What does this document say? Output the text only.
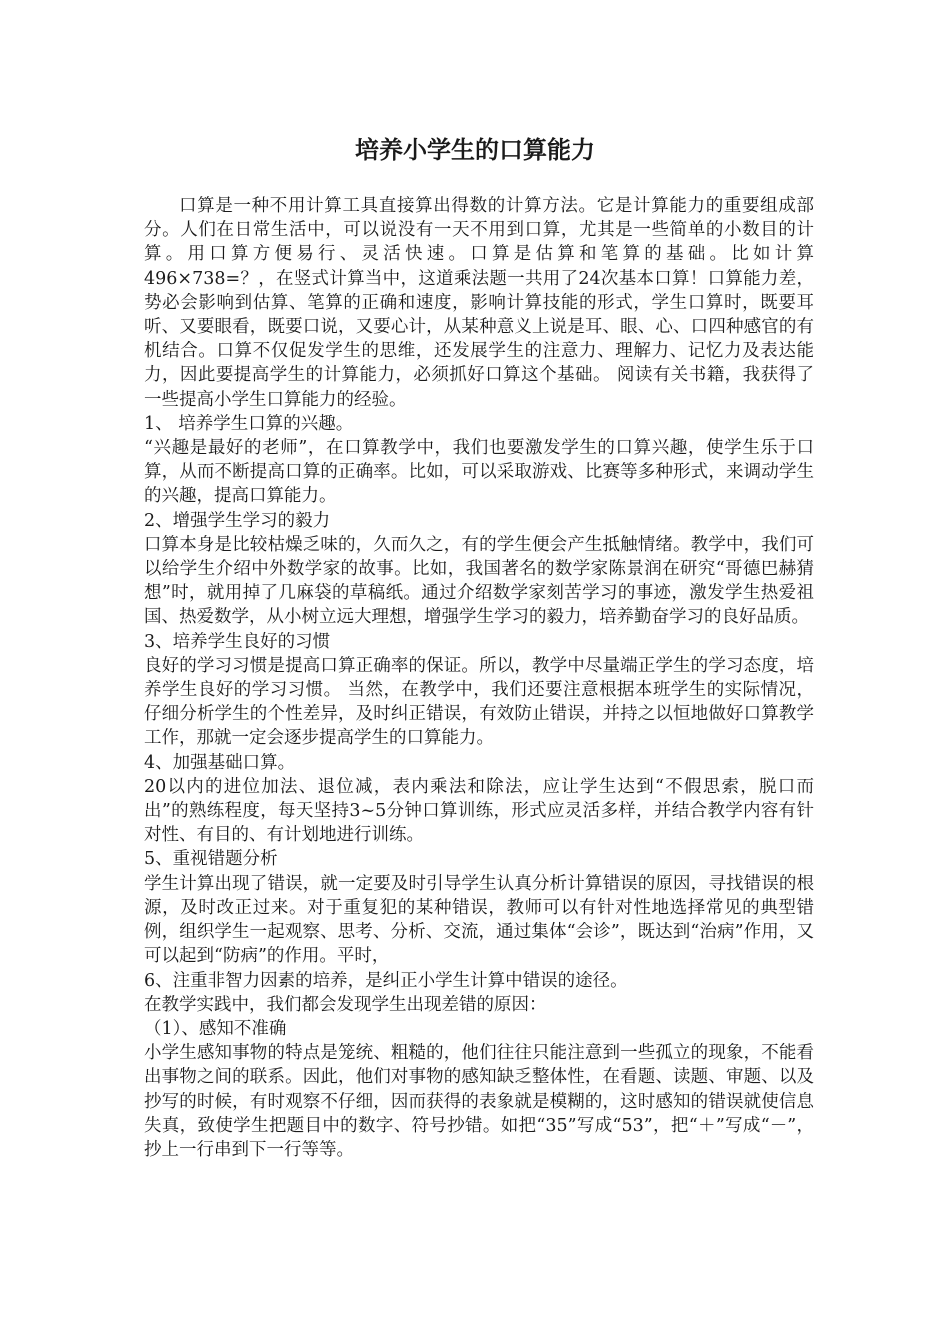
培养小学生的口算能力

口算是一种不用计算工具直接算出得数的计算方法。它是计算能力的重要组成部分。人们在日常生活中，可以说没有一天不用到口算，尤其是一些简单的小数目的计算。用口算方便易行、灵活快速。口算是估算和笔算的基础。比如计算496×738=？，在竖式计算当中，这道乘法题一共用了24次基本口算！口算能力差，势必会影响到估算、笔算的正确和速度，影响计算技能的形式，学生口算时，既要耳听、又要眼看，既要口说，又要心计，从某种意义上说是耳、眼、心、口四种感官的有机结合。口算不仅促发学生的思维，还发展学生的注意力、理解力、记忆力及表达能力，因此要提高学生的计算能力，必须抓好口算这个基础。 阅读有关书籍，我获得了一些提高小学生口算能力的经验。

1、 培养学生口算的兴趣。

“兴趣是最好的老师”，在口算教学中，我们也要激发学生的口算兴趣，使学生乐于口算，从而不断提高口算的正确率。比如，可以采取游戏、比赛等多种形式，来调动学生的兴趣，提高口算能力。

2、增强学生学习的毅力

口算本身是比较枯燥乏味的，久而久之，有的学生便会产生抵触情绪。教学中，我们可以给学生介绍中外数学家的故事。比如，我国著名的数学家陈景润在研究“哥德巴赫猜想”时，就用掉了几麻袋的草稿纸。通过介绍数学家刻苦学习的事迹，激发学生热爱祖国、热爱数学，从小树立远大理想，增强学生学习的毅力，培养勤奋学习的良好品质。

3、培养学生良好的习惯

良好的学习习惯是提高口算正确率的保证。所以，教学中尽量端正学生的学习态度，培养学生良好的学习习惯。 当然，在教学中，我们还要注意根据本班学生的实际情况，仔细分析学生的个性差异，及时纠正错误，有效防止错误，并持之以恒地做好口算教学工作，那就一定会逐步提高学生的口算能力。

4、加强基础口算。

20以内的进位加法、退位减，表内乘法和除法，应让学生达到“不假思索，脱口而出”的熟练程度，每天坚持3~5分钟口算训练，形式应灵活多样，并结合教学内容有针对性、有目的、有计划地进行训练。

5、重视错题分析

学生计算出现了错误，就一定要及时引导学生认真分析计算错误的原因，寻找错误的根源，及时改正过来。对于重复犯的某种错误，教师可以有针对性地选择常见的典型错例，组织学生一起观察、思考、分析、交流，通过集体“会诊”，既达到“治病”作用，又可以起到“防病”的作用。平时，

6、注重非智力因素的培养，是纠正小学生计算中错误的途径。

在教学实践中，我们都会发现学生出现差错的原因：

（1）、感知不准确

小学生感知事物的特点是笼统、粗糙的，他们往往只能注意到一些孤立的现象，不能看出事物之间的联系。因此，他们对事物的感知缺乏整体性，在看题、读题、审题、以及抄写的时候，有时观察不仔细，因而获得的表象就是模糊的，这时感知的错误就使信息失真，致使学生把题目中的数字、符号抄错。如把“35”写成“53”，把“＋”写成“－”，抄上一行串到下一行等等。
